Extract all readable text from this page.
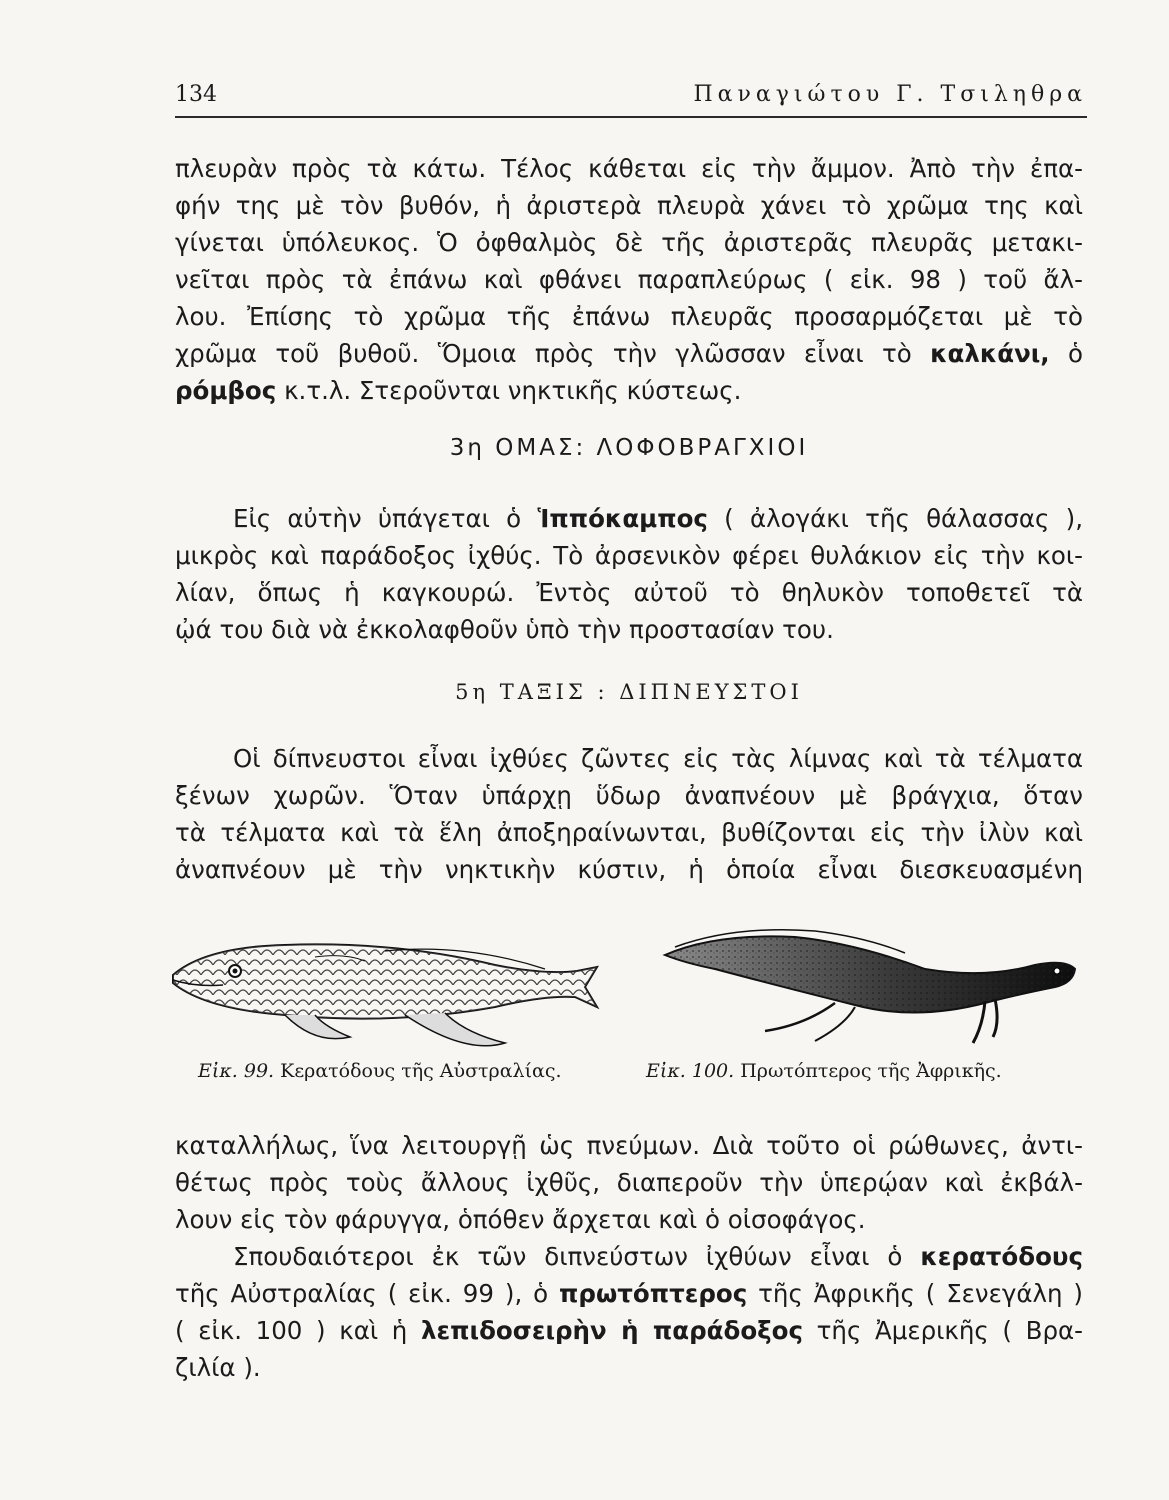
134	Παναγιώτου Γ. Τσιληθρα
πλευρὰν πρὸς τὰ κάτω. Τέλος κάθεται εἰς τὴν ἄμμον. Ἀπὸ τὴν ἐπα-
φήν της μὲ τὸν βυθόν, ἡ ἀριστερὰ πλευρὰ χάνει τὸ χρῶμα της καὶ
γίνεται ὑπόλευκος. Ὁ ὀφθαλμὸς δὲ τῆς ἀριστερᾶς πλευρᾶς μετακι-
νεῖται πρὸς τὰ ἐπάνω καὶ φθάνει παραπλεύρως ( εἰκ. 98 ) τοῦ ἄλ-
λου. Ἐπίσης τὸ χρῶμα τῆς ἐπάνω πλευρᾶς προσαρμόζεται μὲ τὸ
χρῶμα τοῦ βυθοῦ. Ὅμοια πρὸς τὴν γλῶσσαν εἶναι τὸ καλκάνι, ὁ
ρόμβος κ.τ.λ. Στεροῦνται νηκτικῆς κύστεως.
3η ΟΜΑΣ: ΛΟΦΟΒΡΑΓΧΙΟΙ
Εἰς αὐτὴν ὑπάγεται ὁ Ἱππόκαμπος ( ἀλογάκι τῆς θάλασσας ),
μικρὸς καὶ παράδοξος ἰχθύς. Τὸ ἀρσενικὸν φέρει θυλάκιον εἰς τὴν κοι-
λίαν, ὅπως ἡ καγκουρώ. Ἐντὸς αὐτοῦ τὸ θηλυκὸν τοποθετεῖ τὰ
ᾠά του διὰ νὰ ἐκκολαφθοῦν ὑπὸ τὴν προστασίαν του.
5η ΤΑΞΙΣ : ΔΙΠΝΕΥΣΤΟΙ
Οἱ δίπνευστοι εἶναι ἰχθύες ζῶντες εἰς τὰς λίμνας καὶ τὰ τέλματα
ξένων χωρῶν. Ὅταν ὑπάρχῃ ὕδωρ ἀναπνέουν μὲ βράγχια, ὅταν
τὰ τέλματα καὶ τὰ ἕλη ἀποξηραίνωνται, βυθίζονται εἰς τὴν ἰλὺν καὶ
ἀναπνέουν μὲ τὴν νηκτικὴν κύστιν, ἡ ὁποία εἶναι διεσκευασμένη
Εἰκ. 99. Κερατόδους τῆς Αὐστραλίας.	Εἰκ. 100. Πρωτόπτερος τῆς Ἀφρικῆς.
καταλλήλως, ἵνα λειτουργῇ ὡς πνεύμων. Διὰ τοῦτο οἱ ρώθωνες, ἀντι-
θέτως πρὸς τοὺς ἄλλους ἰχθῦς, διαπεροῦν τὴν ὑπερῴαν καὶ ἐκβάλ-
λουν εἰς τὸν φάρυγγα, ὁπόθεν ἄρχεται καὶ ὁ οἰσοφάγος.
Σπουδαιότεροι ἐκ τῶν διπνεύστων ἰχθύων εἶναι ὁ κερατόδους
τῆς Αὐστραλίας ( εἰκ. 99 ), ὁ πρωτόπτερος τῆς Ἀφρικῆς ( Σενεγάλη )
( εἰκ. 100 ) καὶ ἡ λεπιδοσειρὴν ἡ παράδοξος τῆς Ἀμερικῆς ( Βρα-
ζιλία ).
